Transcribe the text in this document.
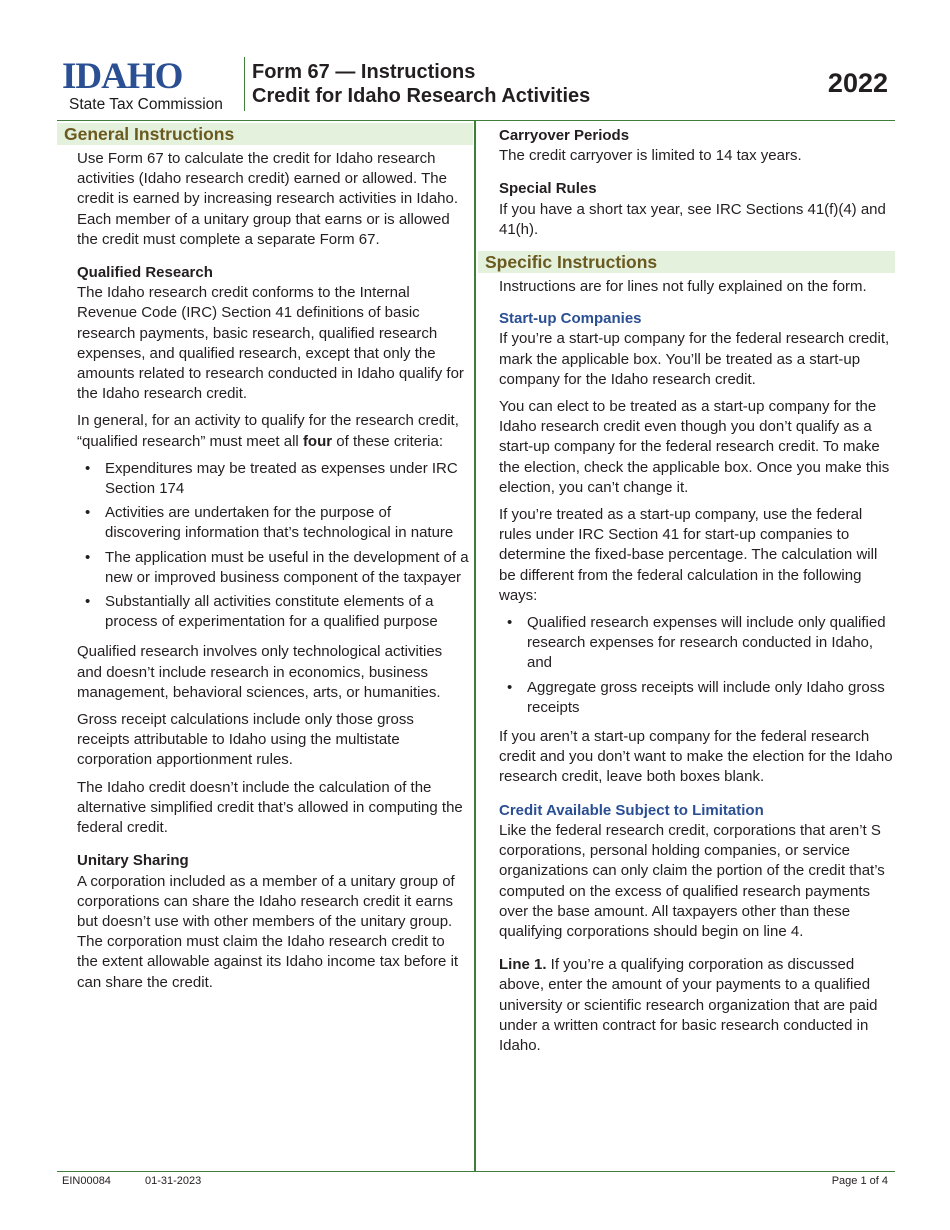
IDAHO
State Tax Commission
Form 67 — Instructions
Credit for Idaho Research Activities	2022
General Instructions

Use Form 67 to calculate the credit for Idaho research activities (Idaho research credit) earned or allowed. The credit is earned by increasing research activities in Idaho. Each member of a unitary group that earns or is allowed the credit must complete a separate Form 67.

Qualified Research

The Idaho research credit conforms to the Internal Revenue Code (IRC) Section 41 definitions of basic research payments, basic research, qualified research expenses, and qualified research, except that only the amounts related to research conducted in Idaho qualify for the Idaho research credit.

In general, for an activity to qualify for the research credit, “qualified research” must meet all four of these criteria:

• Expenditures may be treated as expenses under IRC Section 174
• Activities are undertaken for the purpose of discovering information that’s technological in nature
• The application must be useful in the development of a new or improved business component of the taxpayer
• Substantially all activities constitute elements of a process of experimentation for a qualified purpose

Qualified research involves only technological activities and doesn’t include research in economics, business management, behavioral sciences, arts, or humanities.

Gross receipt calculations include only those gross receipts attributable to Idaho using the multistate corporation apportionment rules.

The Idaho credit doesn’t include the calculation of the alternative simplified credit that’s allowed in computing the federal credit.

Unitary Sharing

A corporation included as a member of a unitary group of corporations can share the Idaho research credit it earns but doesn’t use with other members of the unitary group. The corporation must claim the Idaho research credit to the extent allowable against its Idaho income tax before it can share the credit.

Carryover Periods

The credit carryover is limited to 14 tax years.

Special Rules

If you have a short tax year, see IRC Sections 41(f)(4) and 41(h).

Specific Instructions

Instructions are for lines not fully explained on the form.

Start-up Companies

If you’re a start-up company for the federal research credit, mark the applicable box. You’ll be treated as a start-up company for the Idaho research credit.

You can elect to be treated as a start-up company for the Idaho research credit even though you don’t qualify as a start-up company for the federal research credit. To make the election, check the applicable box. Once you make this election, you can’t change it.

If you’re treated as a start-up company, use the federal rules under IRC Section 41 for start-up companies to determine the fixed-base percentage. The calculation will be different from the federal calculation in the following ways:

• Qualified research expenses will include only qualified research expenses for research conducted in Idaho, and
• Aggregate gross receipts will include only Idaho gross receipts

If you aren’t a start-up company for the federal research credit and you don’t want to make the election for the Idaho research credit, leave both boxes blank.

Credit Available Subject to Limitation

Like the federal research credit, corporations that aren’t S corporations, personal holding companies, or service organizations can only claim the portion of the credit that’s computed on the excess of qualified research payments over the base amount. All taxpayers other than these qualifying corporations should begin on line 4.

Line 1. If you’re a qualifying corporation as discussed above, enter the amount of your payments to a qualified university or scientific research organization that are paid under a written contract for basic research conducted in Idaho.

EIN00084	01-31-2023	Page 1 of 4
